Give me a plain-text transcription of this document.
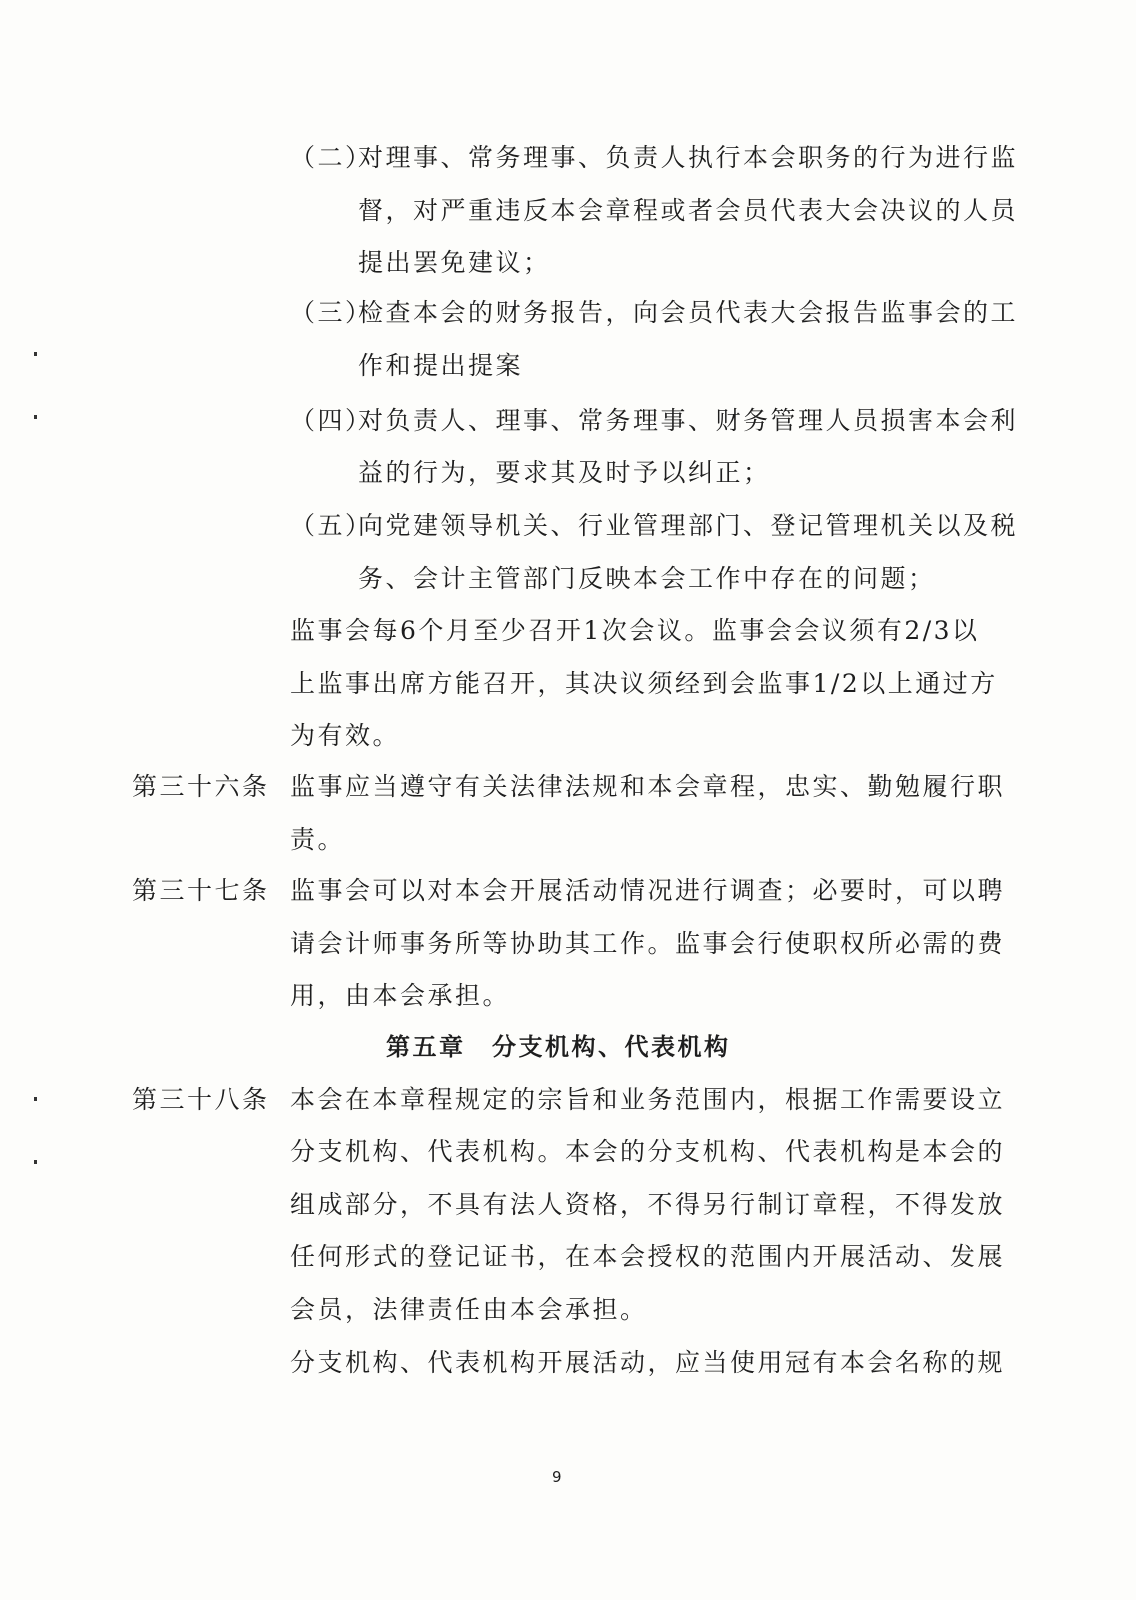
（二）
对理事、常务理事、负责人执行本会职务的行为进行监
督，对严重违反本会章程或者会员代表大会决议的人员
提出罢免建议；
（三）
检查本会的财务报告，向会员代表大会报告监事会的工
作和提出提案
（四）
对负责人、理事、常务理事、财务管理人员损害本会利
益的行为，要求其及时予以纠正；
（五）
向党建领导机关、行业管理部门、登记管理机关以及税
务、会计主管部门反映本会工作中存在的问题；
监事会每6个月至少召开1次会议。监事会会议须有2/3以
上监事出席方能召开，其决议须经到会监事1/2以上通过方
为有效。
第三十六条 监事应当遵守有关法律法规和本会章程，忠实、勤勉履行职
责。
第三十七条 监事会可以对本会开展活动情况进行调查；必要时，可以聘
请会计师事务所等协助其工作。监事会行使职权所必需的费
用，由本会承担。
第五章　分支机构、代表机构
第三十八条 本会在本章程规定的宗旨和业务范围内，根据工作需要设立
分支机构、代表机构。本会的分支机构、代表机构是本会的
组成部分，不具有法人资格，不得另行制订章程，不得发放
任何形式的登记证书，在本会授权的范围内开展活动、发展
会员，法律责任由本会承担。
分支机构、代表机构开展活动，应当使用冠有本会名称的规
9
